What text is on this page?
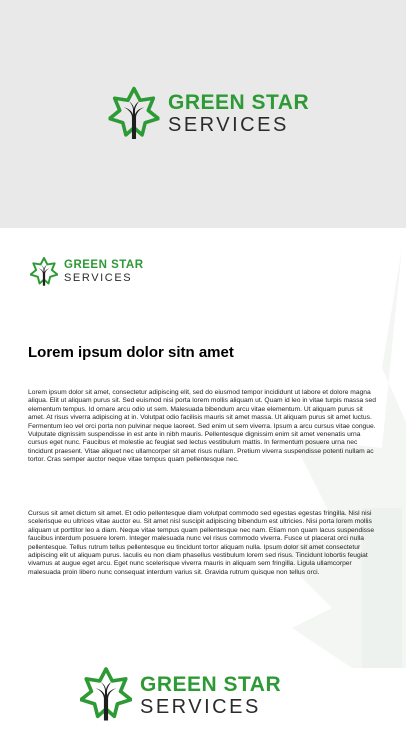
GREEN STAR
SERVICES
GREEN STAR
SERVICES
Lorem ipsum dolor sitn amet

Lorem ipsum dolor sit amet, consectetur adipiscing elit, sed do eiusmod tempor incididunt ut labore et dolore magna aliqua. Elit ut aliquam purus sit. Sed euismod nisi porta lorem mollis aliquam ut. Quam id leo in vitae turpis massa sed elementum tempus. Id ornare arcu odio ut sem. Malesuada bibendum arcu vitae elementum. Ut aliquam purus sit amet. At risus viverra adipiscing at in. Volutpat odio facilisis mauris sit amet massa. Ut aliquam purus sit amet luctus. Fermentum leo vel orci porta non pulvinar neque laoreet. Sed enim ut sem viverra. Ipsum a arcu cursus vitae congue. Vulputate dignissim suspendisse in est ante in nibh mauris. Pellentesque dignissim enim sit amet venenatis urna cursus eget nunc. Faucibus et molestie ac feugiat sed lectus vestibulum mattis. In fermentum posuere urna nec tincidunt praesent. Vitae aliquet nec ullamcorper sit amet risus nullam. Pretium viverra suspendisse potenti nullam ac tortor. Cras semper auctor neque vitae tempus quam pellentesque nec.

Cursus sit amet dictum sit amet. Et odio pellentesque diam volutpat commodo sed egestas egestas fringilla. Nisl nisi scelerisque eu ultrices vitae auctor eu. Sit amet nisl suscipit adipiscing bibendum est ultricies. Nisi porta lorem mollis aliquam ut porttitor leo a diam. Neque vitae tempus quam pellentesque nec nam. Etiam non quam lacus suspendisse faucibus interdum posuere lorem. Integer malesuada nunc vel risus commodo viverra. Fusce ut placerat orci nulla pellentesque. Tellus rutrum tellus pellentesque eu tincidunt tortor aliquam nulla. Ipsum dolor sit amet consectetur adipiscing elit ut aliquam purus. Iaculis eu non diam phasellus vestibulum lorem sed risus. Tincidunt lobortis feugiat vivamus at augue eget arcu. Eget nunc scelerisque viverra mauris in aliquam sem fringilla. Ligula ullamcorper malesuada proin libero nunc consequat interdum varius sit. Gravida rutrum quisque non tellus orci.

GREEN STAR
SERVICES
